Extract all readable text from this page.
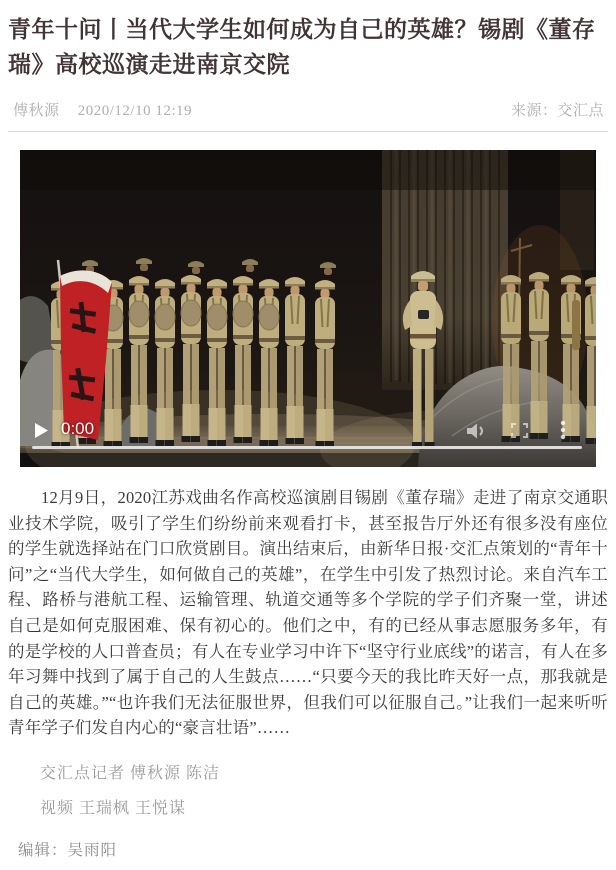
青年十问丨当代大学生如何成为自己的英雄？锡剧《董存瑞》高校巡演走进南京交院
傅秋源 2020/12/10 12:19	来源：交汇点
0:00

12月9日，2020江苏戏曲名作高校巡演剧目锡剧《董存瑞》走进了南京交通职业技术学院，吸引了学生们纷纷前来观看打卡，甚至报告厅外还有很多没有座位的学生就选择站在门口欣赏剧目。演出结束后，由新华日报·交汇点策划的“青年十问”之“当代大学生，如何做自己的英雄”，在学生中引发了热烈讨论。来自汽车工程、路桥与港航工程、运输管理、轨道交通等多个学院的学子们齐聚一堂，讲述自己是如何克服困难、保有初心的。他们之中，有的已经从事志愿服务多年，有的是学校的人口普查员；有人在专业学习中许下“坚守行业底线”的诺言，有人在多年习舞中找到了属于自己的人生鼓点……“只要今天的我比昨天好一点，那我就是自己的英雄。”“也许我们无法征服世界，但我们可以征服自己。”让我们一起来听听青年学子们发自内心的“豪言壮语”……

交汇点记者 傅秋源 陈洁

视频 王瑞枫 王悦谋

编辑：吴雨阳
